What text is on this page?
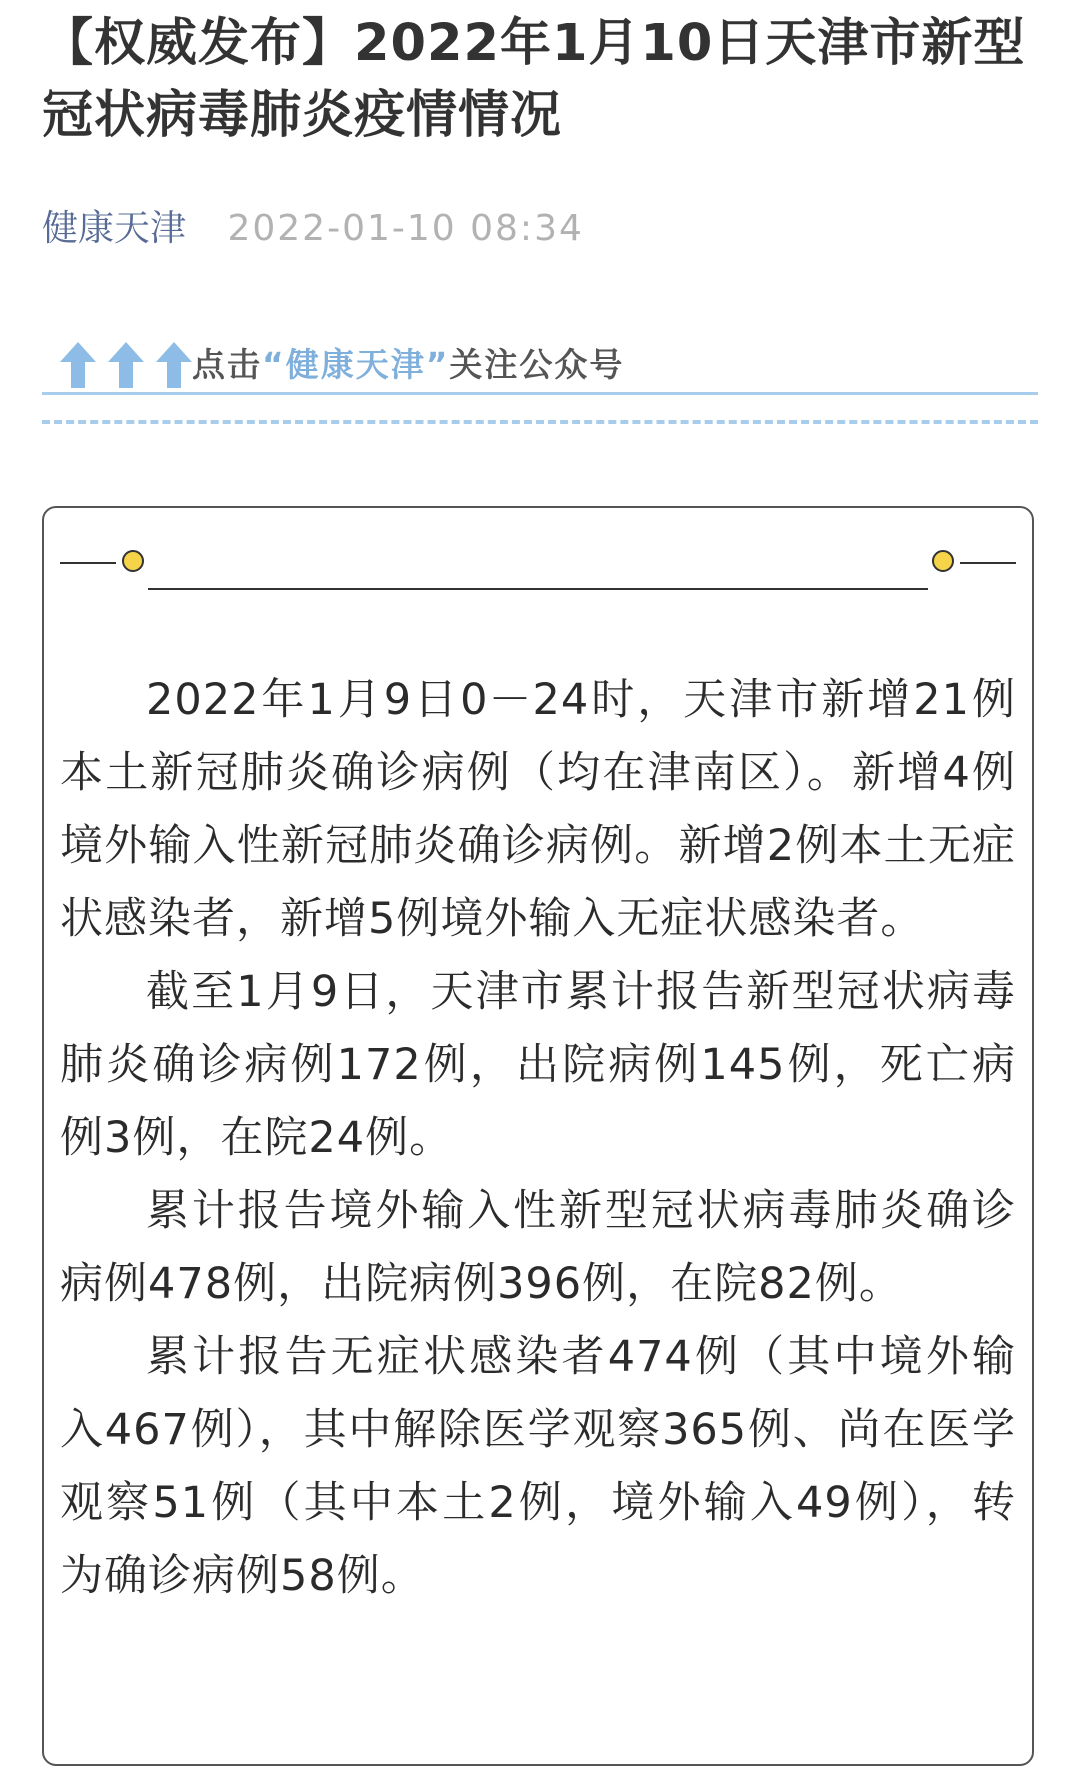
【权威发布】2022年1月10日天津市新型冠状病毒肺炎疫情情况
健康天津 2022-01-10 08:34
点击“健康天津”关注公众号

2022年1月9日0－24时，天津市新增21例本土新冠肺炎确诊病例（均在津南区）。新增4例境外输入性新冠肺炎确诊病例。新增2例本土无症状感染者，新增5例境外输入无症状感染者。

截至1月9日，天津市累计报告新型冠状病毒肺炎确诊病例172例，出院病例145例，死亡病例3例，在院24例。

累计报告境外输入性新型冠状病毒肺炎确诊病例478例，出院病例396例，在院82例。

累计报告无症状感染者474例（其中境外输入467例），其中解除医学观察365例、尚在医学观察51例（其中本土2例，境外输入49例），转为确诊病例58例。
